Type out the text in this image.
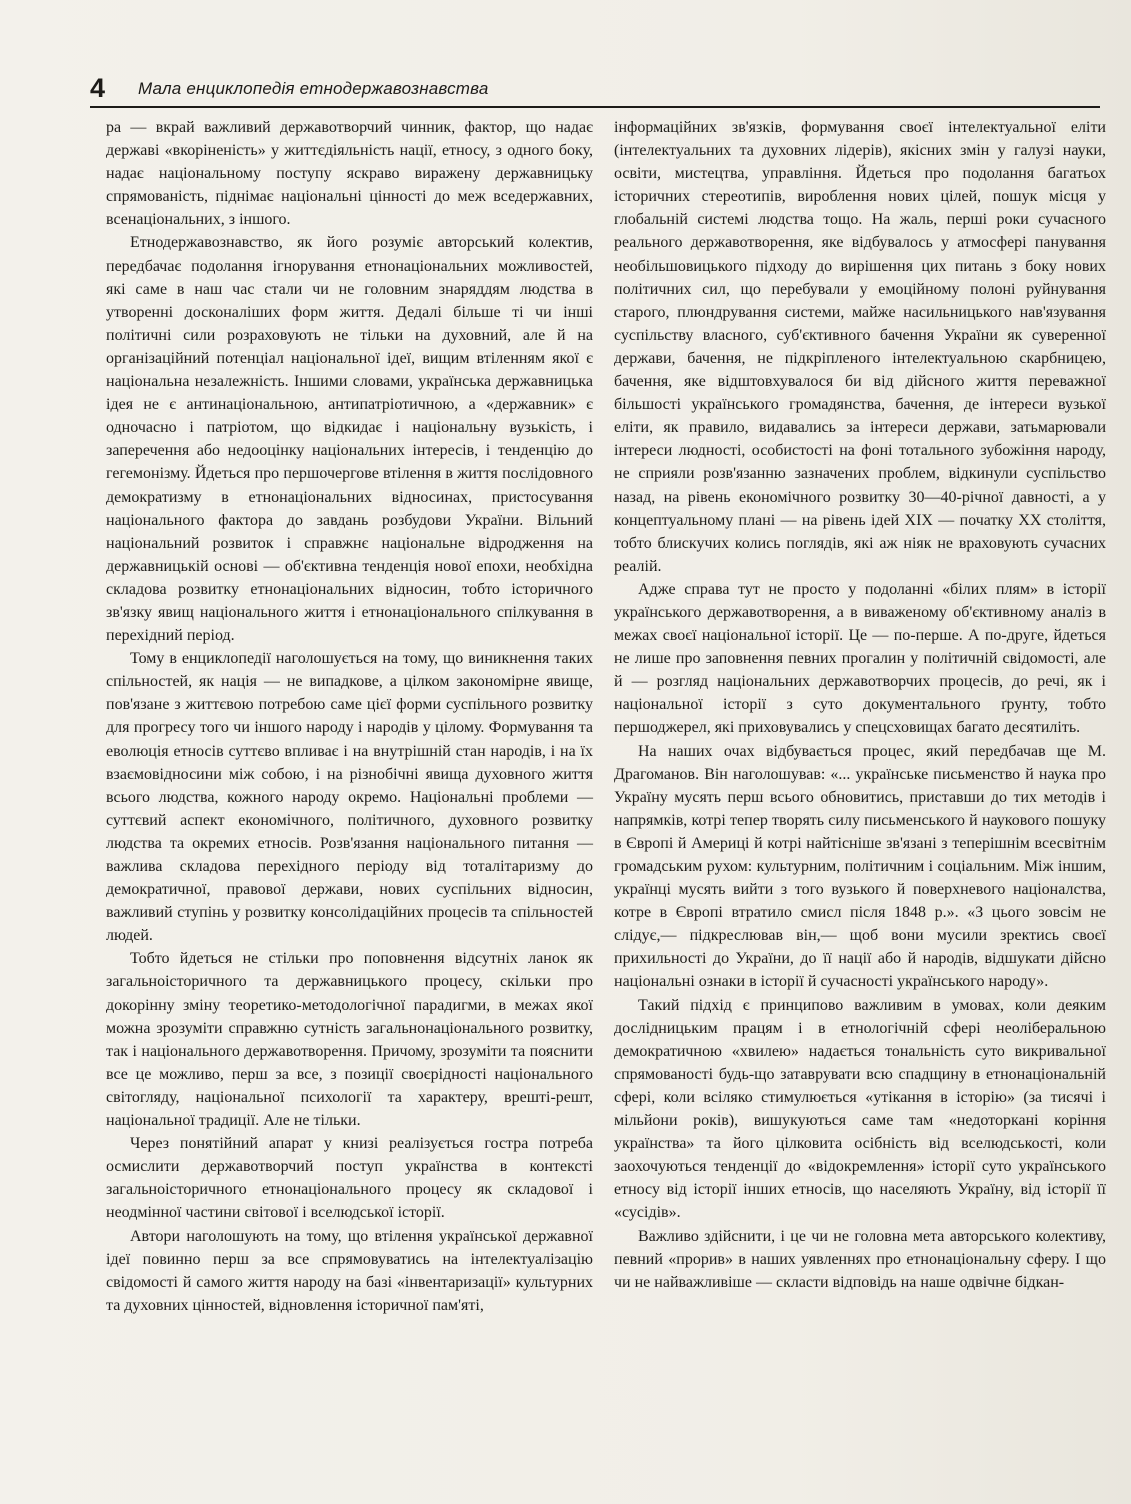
4 Мала енциклопедія етнодержавознавства

ра — вкрай важливий державотворчий чинник, фактор, що надає державі «вкоріненість» у життєдіяльність нації, етносу, з одного боку, надає національному поступу яскраво виражену державницьку спрямованість, піднімає національні цінності до меж вседержавних, всенаціональних, з іншого.

Етнодержавознавство, як його розуміє авторський колектив, передбачає подолання ігнорування етнонаціональних можливостей, які саме в наш час стали чи не головним знаряддям людства в утворенні досконаліших форм життя. Дедалі більше ті чи інші політичні сили розраховують не тільки на духовний, але й на організаційний потенціал національної ідеї, вищим втіленням якої є національна незалежність. Іншими словами, українська державницька ідея не є антинаціональною, антипатріотичною, а «державник» є одночасно і патріотом, що відкидає і національну вузькість, і заперечення або недооцінку національних інтересів, і тенденцію до гегемонізму. Йдеться про першочергове втілення в життя послідовного демократизму в етнонаціональних відносинах, пристосування національного фактора до завдань розбудови України. Вільний національний розвиток і справжнє національне відродження на державницькій основі — об'єктивна тенденція нової епохи, необхідна складова розвитку етнонаціональних відносин, тобто історичного зв'язку явищ національного життя і етнонаціонального спілкування в перехідний період.

Тому в енциклопедії наголошується на тому, що виникнення таких спільностей, як нація — не випадкове, а цілком закономірне явище, пов'язане з життєвою потребою саме цієї форми суспільного розвитку для прогресу того чи іншого народу і народів у цілому. Формування та еволюція етносів суттєво впливає і на внутрішній стан народів, і на їх взаємовідносини між собою, і на різнобічні явища духовного життя всього людства, кожного народу окремо. Національні проблеми — суттєвий аспект економічного, політичного, духовного розвитку людства та окремих етносів. Розв'язання національного питання — важлива складова перехідного періоду від тоталітаризму до демократичної, правової держави, нових суспільних відносин, важливий ступінь у розвитку консолідаційних процесів та спільностей людей.

Тобто йдеться не стільки про поповнення відсутніх ланок як загальноісторичного та державницького процесу, скільки про докорінну зміну теоретико-методологічної парадигми, в межах якої можна зрозуміти справжню сутність загальнонаціонального розвитку, так і національного державотворення. Причому, зрозуміти та пояснити все це можливо, перш за все, з позиції своєрідності національного світогляду, національної психології та характеру, врешті-решт, національної традиції. Але не тільки.

Через понятійний апарат у книзі реалізується гостра потреба осмислити державотворчий поступ українства в контексті загальноісторичного етнонаціонального процесу як складової і неодмінної частини світової і вселюдської історії.

Автори наголошують на тому, що втілення української державної ідеї повинно перш за все спрямовуватись на інтелектуалізацію свідомості й самого життя народу на базі «інвентаризації» культурних та духовних цінностей, відновлення історичної пам'яті,

інформаційних зв'язків, формування своєї інтелектуальної еліти (інтелектуальних та духовних лідерів), якісних змін у галузі науки, освіти, мистецтва, управління. Йдеться про подолання багатьох історичних стереотипів, вироблення нових цілей, пошук місця у глобальній системі людства тощо. На жаль, перші роки сучасного реального державотворення, яке відбувалось у атмосфері панування необільшовицького підходу до вирішення цих питань з боку нових політичних сил, що перебували у емоційному полоні руйнування старого, плюндрування системи, майже насильницького нав'язування суспільству власного, суб'єктивного бачення України як суверенної держави, бачення, не підкріпленого інтелектуальною скарбницею, бачення, яке відштовхувалося би від дійсного життя переважної більшості українського громадянства, бачення, де інтереси вузької еліти, як правило, видавались за інтереси держави, затьмарювали інтереси людності, особистості на фоні тотального зубожіння народу, не сприяли розв'язанню зазначених проблем, відкинули суспільство назад, на рівень економічного розвитку 30—40-річної давності, а у концептуальному плані — на рівень ідей XIX — початку XX століття, тобто блискучих колись поглядів, які аж ніяк не враховують сучасних реалій.

Адже справа тут не просто у подоланні «білих плям» в історії українського державотворення, а в виваженому об'єктивному аналіз в межах своєї національної історії. Це — по-перше. А по-друге, йдеться не лише про заповнення певних прогалин у політичній свідомості, але й — розгляд національних державотворчих процесів, до речі, як і національної історії з суто документального ґрунту, тобто першоджерел, які приховувались у спецсховищах багато десятиліть.

На наших очах відбувається процес, який передбачав ще М. Драгоманов. Він наголошував: «... українське письменство й наука про Україну мусять перш всього обновитись, приставши до тих методів і напрямків, котрі тепер творять силу письменського й наукового пошуку в Європі й Америці й котрі найтісніше зв'язані з теперішнім всесвітнім громадським рухом: культурним, політичним і соціальним. Між іншим, українці мусять вийти з того вузького й поверхневого націоналства, котре в Європі втратило смисл після 1848 р.». «З цього зовсім не слідує,— підкреслював він,— щоб вони мусили зректись своєї прихильності до України, до її нації або й народів, відшукати дійсно національні ознаки в історії й сучасності українського народу».

Такий підхід є принципово важливим в умовах, коли деяким дослідницьким працям і в етнологічній сфері неоліберальною демократичною «хвилею» надається тональність суто викривальної спрямованості будь-що затаврувати всю спадщину в етнонаціональній сфері, коли всіляко стимулюється «утікання в історію» (за тисячі і мільйони років), вишукуються саме там «недоторкані коріння українства» та його цілковита осібність від вселюдськості, коли заохочуються тенденції до «відокремлення» історії суто українського етносу від історії інших етносів, що населяють Україну, від історії її «сусідів».

Важливо здійснити, і це чи не головна мета авторського колективу, певний «прорив» в наших уявленнях про етнонаціональну сферу. І що чи не найважливіше — скласти відповідь на наше одвічне бідкан-
